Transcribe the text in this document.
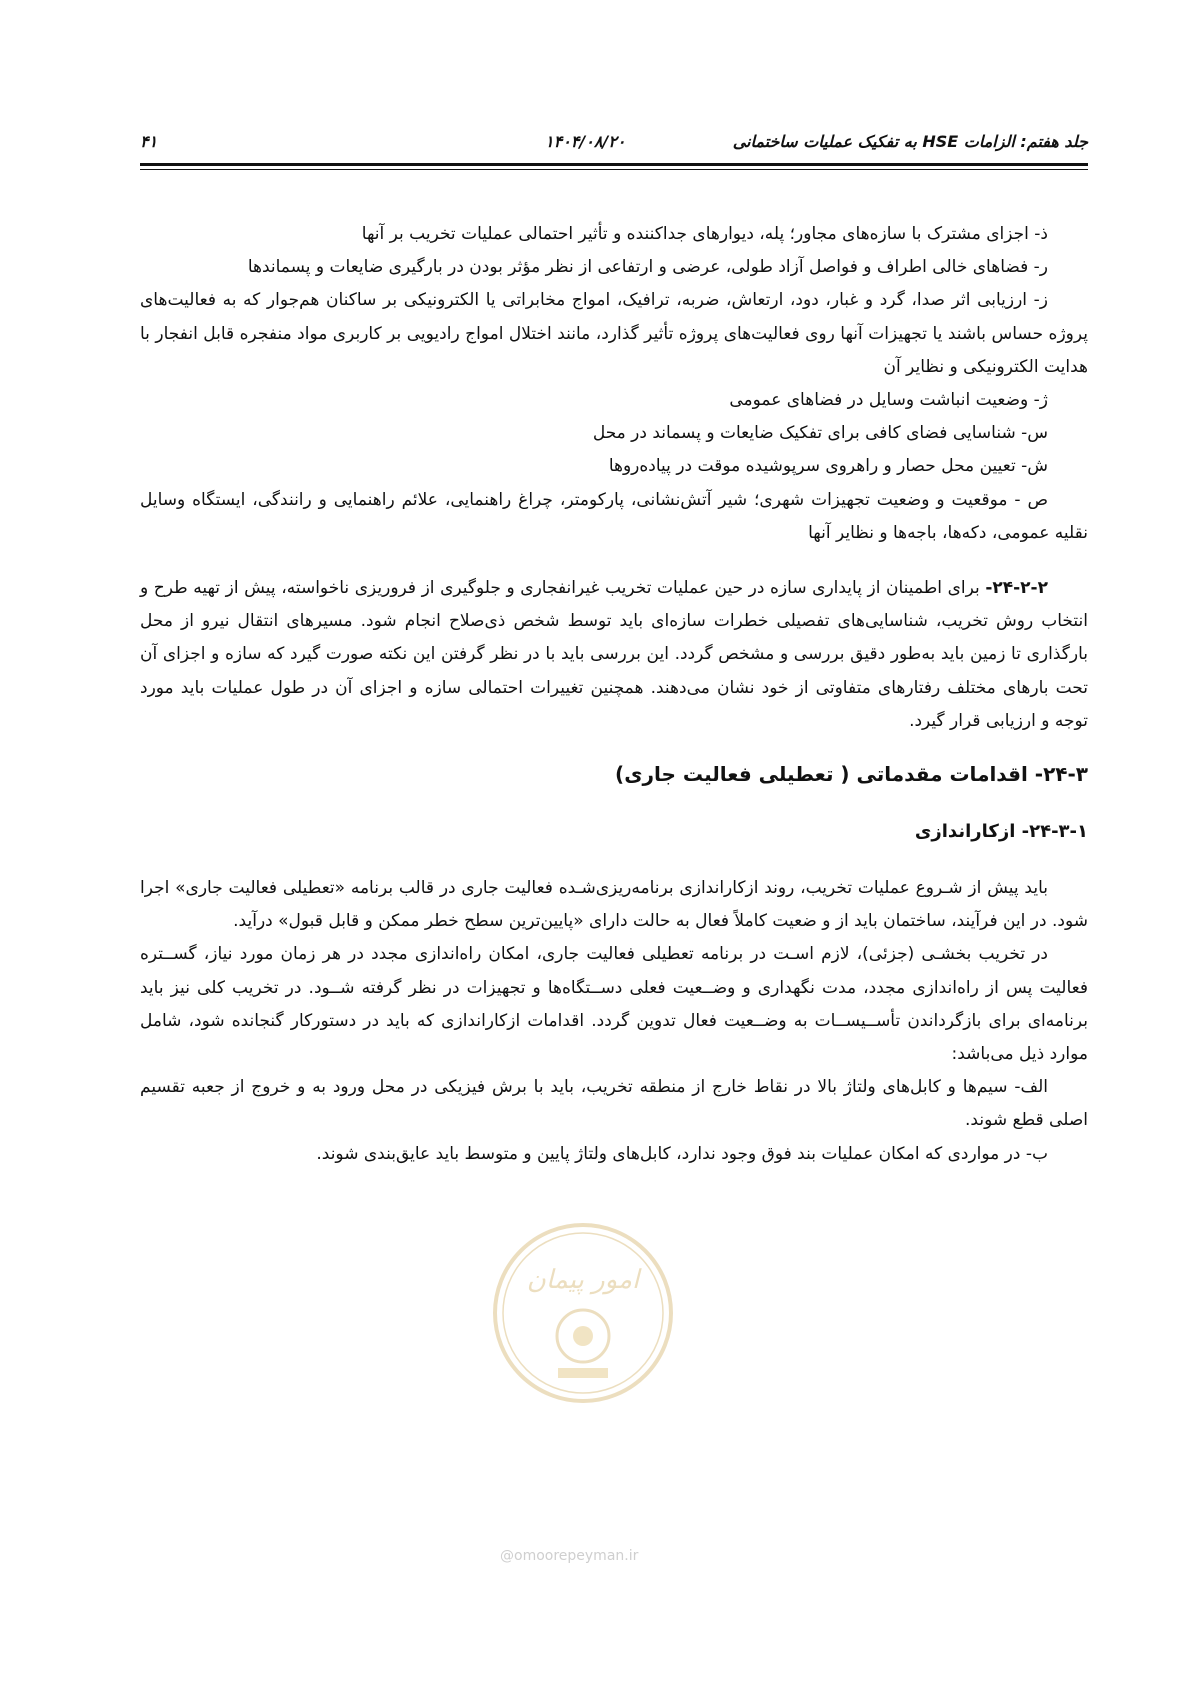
جلد هفتم: الزامات HSE به تفکیک عملیات ساختمانی
۱۴۰۴/۰۸/۲۰
۴۱

ذ- اجزای مشترک با سازه‌های مجاور؛ پله، دیوارهای جداکننده و تأثیر احتمالی عملیات تخریب بر آنها

ر- فضاهای خالی اطراف و فواصل آزاد طولی، عرضی و ارتفاعی از نظر مؤثر بودن در بارگیری ضایعات و پسماندها

ز- ارزیابی اثر صدا، گرد و غبار، دود، ارتعاش، ضربه، ترافیک، امواج مخابراتی یا الکترونیکی بر ساکنان هم‌جوار که به فعالیت‌های پروژه حساس باشند یا تجهیزات آنها روی فعالیت‌های پروژه تأثیر گذارد، مانند اختلال امواج رادیویی بر کاربری مواد منفجره قابل انفجار با هدایت الکترونیکی و نظایر آن

ژ- وضعیت انباشت وسایل در فضاهای عمومی

س- شناسایی فضای کافی برای تفکیک ضایعات و پسماند در محل

ش- تعیین محل حصار و راهروی سرپوشیده موقت در پیاده‌روها

ص - موقعیت و وضعیت تجهیزات شهری؛ شیر آتش‌نشانی، پارکومتر، چراغ راهنمایی، علائم راهنمایی و رانندگی، ایستگاه وسایل نقلیه عمومی، دکه‌ها، باجه‌ها و نظایر آنها

۲۴-۲-۲- برای اطمینان از پایداری سازه در حین عملیات تخریب غیرانفجاری و جلوگیری از فروریزی ناخواسته، پیش از تهیه طرح و انتخاب روش تخریب، شناسایی‌های تفصیلی خطرات سازه‌ای باید توسط شخص ذی‌صلاح انجام شود. مسیرهای انتقال نیرو از محل بارگذاری تا زمین باید به‌طور دقیق بررسی و مشخص گردد. این بررسی باید با در نظر گرفتن این نکته صورت گیرد که سازه و اجزای آن تحت بارهای مختلف رفتارهای متفاوتی از خود نشان می‌دهند. همچنین تغییرات احتمالی سازه و اجزای آن در طول عملیات باید مورد توجه و ارزیابی قرار گیرد.

۲۴-۳- اقدامات مقدماتی ( تعطیلی فعالیت جاری)

۲۴-۳-۱- ازکاراندازی

باید پیش از شـروع عملیات تخریب، روند ازکاراندازی برنامه‌ریزی‌شـده فعالیت جاری در قالب برنامه «تعطیلی فعالیت جاری» اجرا شود. در این فرآیند، ساختمان باید از و ضعیت کاملاً فعال به حالت دارای «پایین‌ترین سطح خطر ممکن و قابل قبول» درآید.

در تخریب بخشـی (جزئی)، لازم اسـت در برنامه تعطیلی فعالیت جاری، امکان راه‌اندازی مجدد در هر زمان مورد نیاز، گســتره فعالیت پس از راه‌اندازی مجدد، مدت نگهداری و وضــعیت فعلی دســتگاه‌ها و تجهیزات در نظر گرفته شــود. در تخریب کلی نیز باید برنامه‌ای برای بازگرداندن تأســیســات به وضــعیت فعال تدوین گردد. اقدامات ازکاراندازی که باید در دستورکار گنجانده شود، شامل موارد ذیل می‌باشد:

الف- سیم‌ها و کابل‌های ولتاژ بالا در نقاط خارج از منطقه تخریب، باید با برش فیزیکی در محل ورود به و خروج از جعبه تقسیم اصلی قطع شوند.

ب- در مواردی که امکان عملیات بند فوق وجود ندارد، کابل‌های ولتاژ پایین و متوسط باید عایق‌بندی شوند.

امور پیمان
@omoorepeyman.ir
